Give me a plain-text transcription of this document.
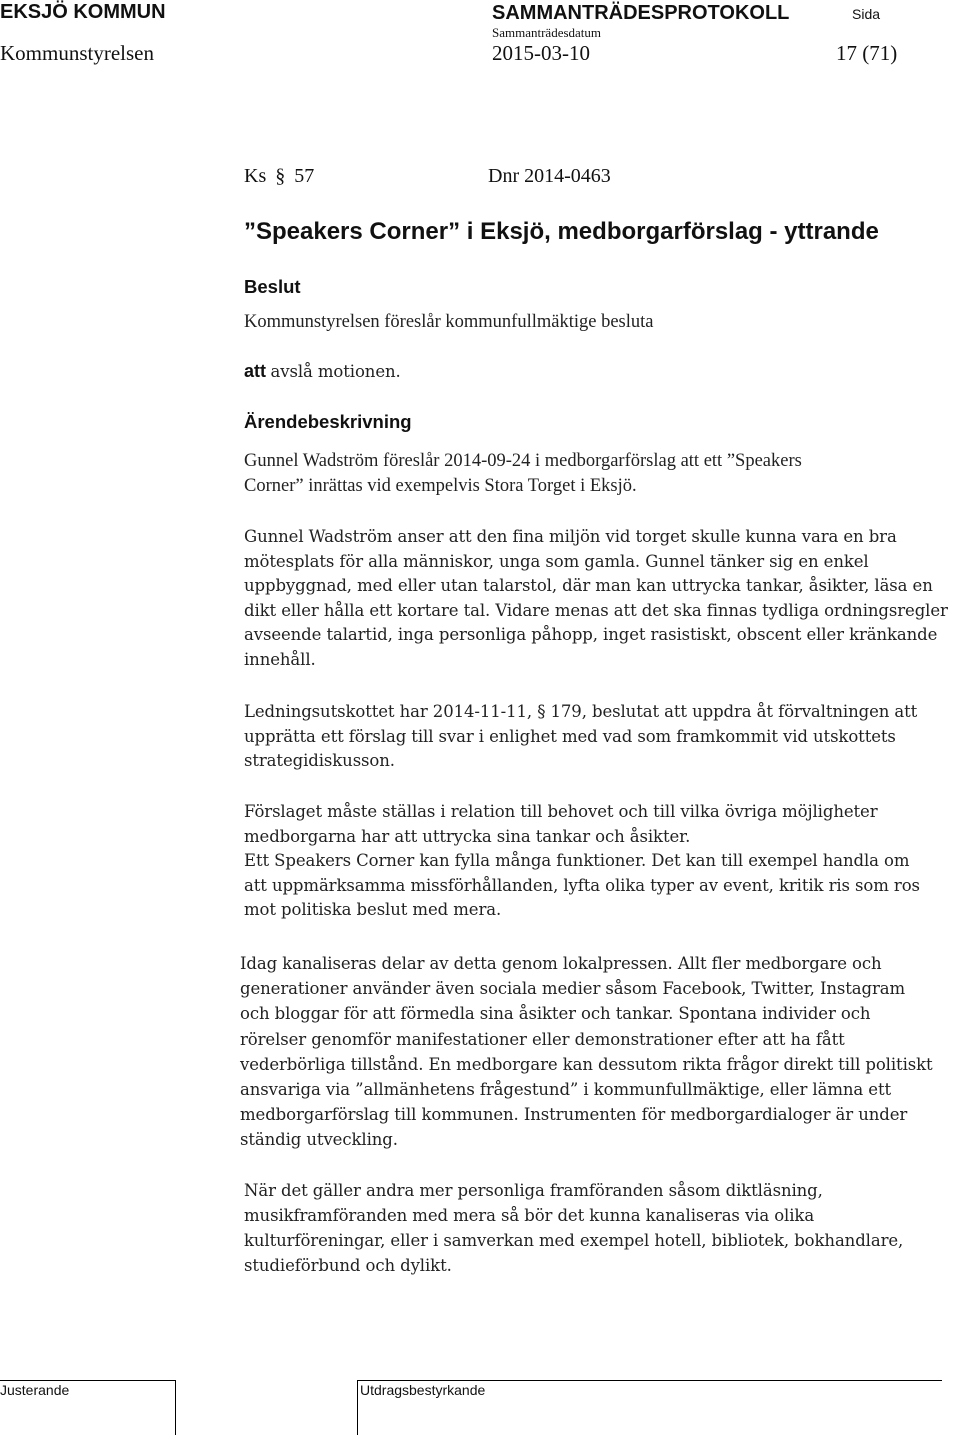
EKSJÖ KOMMUN	SAMMANTRÄDESPROTOKOLL	Sida
Sammanträdesdatum
Kommunstyrelsen	2015-03-10	17 (71)
Ks § 57	Dnr 2014-0463
”Speakers Corner” i Eksjö, medborgarförslag - yttrande
Beslut
Kommunstyrelsen föreslår kommunfullmäktige besluta
att avslå motionen.
Ärendebeskrivning
Gunnel Wadström föreslår 2014-09-24 i medborgarförslag att ett ”Speakers
Corner” inrättas vid exempelvis Stora Torget i Eksjö.
Gunnel Wadström anser att den fina miljön vid torget skulle kunna vara en bra
mötesplats för alla människor, unga som gamla. Gunnel tänker sig en enkel
uppbyggnad, med eller utan talarstol, där man kan uttrycka tankar, åsikter, läsa en
dikt eller hålla ett kortare tal. Vidare menas att det ska finnas tydliga ordningsregler
avseende talartid, inga personliga påhopp, inget rasistiskt, obscent eller kränkande
innehåll.
Ledningsutskottet har 2014-11-11, § 179, beslutat att uppdra åt förvaltningen att
upprätta ett förslag till svar i enlighet med vad som framkommit vid utskottets
strategidiskusson.
Förslaget måste ställas i relation till behovet och till vilka övriga möjligheter
medborgarna har att uttrycka sina tankar och åsikter.
Ett Speakers Corner kan fylla många funktioner. Det kan till exempel handla om
att uppmärksamma missförhållanden, lyfta olika typer av event, kritik ris som ros
mot politiska beslut med mera.
Idag kanaliseras delar av detta genom lokalpressen. Allt fler medborgare och
generationer använder även sociala medier såsom Facebook, Twitter, Instagram
och bloggar för att förmedla sina åsikter och tankar. Spontana individer och
rörelser genomför manifestationer eller demonstrationer efter att ha fått
vederbörliga tillstånd. En medborgare kan dessutom rikta frågor direkt till politiskt
ansvariga via ”allmänhetens frågestund” i kommunfullmäktige, eller lämna ett
medborgarförslag till kommunen. Instrumenten för medborgardialoger är under
ständig utveckling.
När det gäller andra mer personliga framföranden såsom diktläsning,
musikframföranden med mera så bör det kunna kanaliseras via olika
kulturföreningar, eller i samverkan med exempel hotell, bibliotek, bokhandlare,
studieförbund och dylikt.
Justerande	Utdragsbestyrkande
